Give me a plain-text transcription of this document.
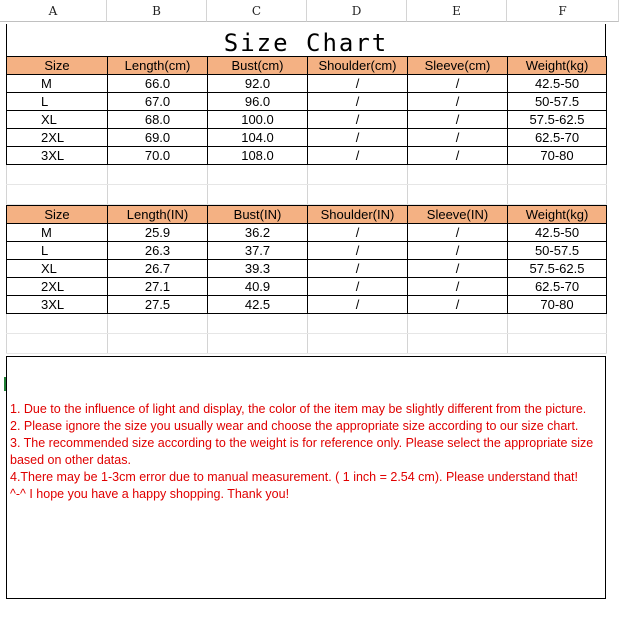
A	B	C	D	E	F
Size Chart
Size	Length(cm)	Bust(cm)	Shoulder(cm)	Sleeve(cm)	Weight(kg)
M	66.0	92.0	/	/	42.5-50
L	67.0	96.0	/	/	50-57.5
XL	68.0	100.0	/	/	57.5-62.5
2XL	69.0	104.0	/	/	62.5-70
3XL	70.0	108.0	/	/	70-80

Size	Length(IN)	Bust(IN)	Shoulder(IN)	Sleeve(IN)	Weight(kg)
M	25.9	36.2	/	/	42.5-50
L	26.3	37.7	/	/	50-57.5
XL	26.7	39.3	/	/	57.5-62.5
2XL	27.1	40.9	/	/	62.5-70
3XL	27.5	42.5	/	/	70-80

1. Due to the influence of light and display, the color of the item may be slightly different from the picture.

2. Please ignore the size you usually wear and choose the appropriate size according to our size chart.

3. The recommended size according to the weight is for reference only. Please select the appropriate size based on other datas.

4.There may be 1-3cm error due to manual measurement. ( 1 inch = 2.54 cm). Please understand that!

^-^ I hope you have a happy shopping. Thank you!
